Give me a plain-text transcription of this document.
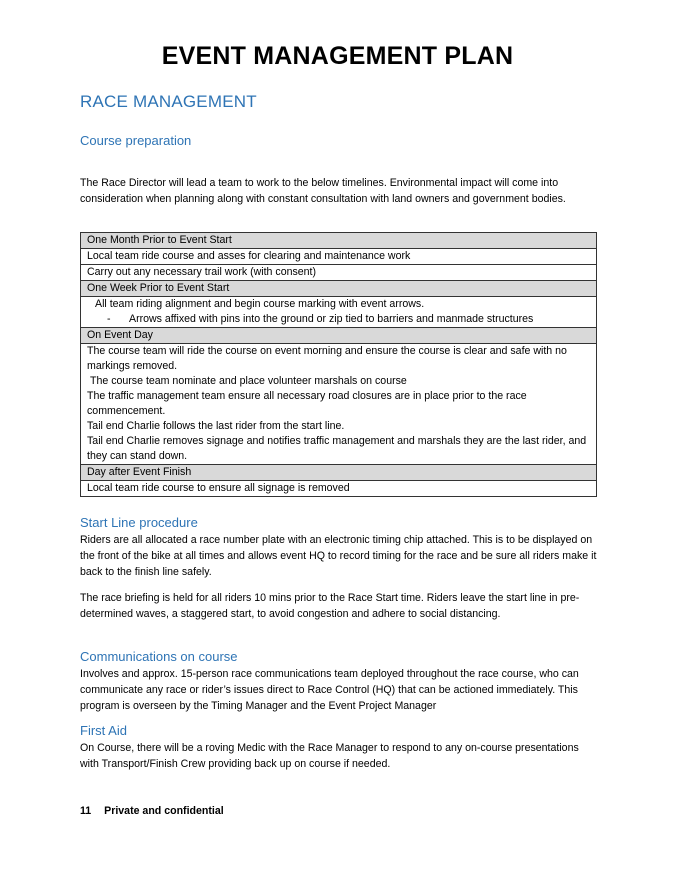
EVENT MANAGEMENT PLAN
RACE MANAGEMENT
Course preparation
The Race Director will lead a team to work to the below timelines. Environmental impact will come into consideration when planning along with constant consultation with land owners and government bodies.
One Month Prior to Event Start
Local team ride course and asses for clearing and maintenance work
Carry out any necessary trail work (with consent)
One Week Prior to Event Start

All team riding alignment and begin course marking with event arrows.
- Arrows affixed with pins into the ground or zip tied to barriers and manmade structures

On Event Day

The course team will ride the course on event morning and ensure the course is clear and safe with no markings removed.
The course team nominate and place volunteer marshals on course
The traffic management team ensure all necessary road closures are in place prior to the race commencement.
Tail end Charlie follows the last rider from the start line.
Tail end Charlie removes signage and notifies traffic management and marshals they are the last rider, and they can stand down.

Day after Event Finish
Local team ride course to ensure all signage is removed
Start Line procedure
Riders are all allocated a race number plate with an electronic timing chip attached. This is to be displayed on the front of the bike at all times and allows event HQ to record timing for the race and be sure all riders make it back to the finish line safely.
The race briefing is held for all riders 10 mins prior to the Race Start time. Riders leave the start line in pre-determined waves, a staggered start, to avoid congestion and adhere to social distancing.
Communications on course
Involves and approx. 15-person race communications team deployed throughout the race course, who can communicate any race or rider’s issues direct to Race Control (HQ) that can be actioned immediately. This program is overseen by the Timing Manager and the Event Project Manager
First Aid
On Course, there will be a roving Medic with the Race Manager to respond to any on-course presentations with Transport/Finish Crew providing back up on course if needed.
11 Private and confidential
